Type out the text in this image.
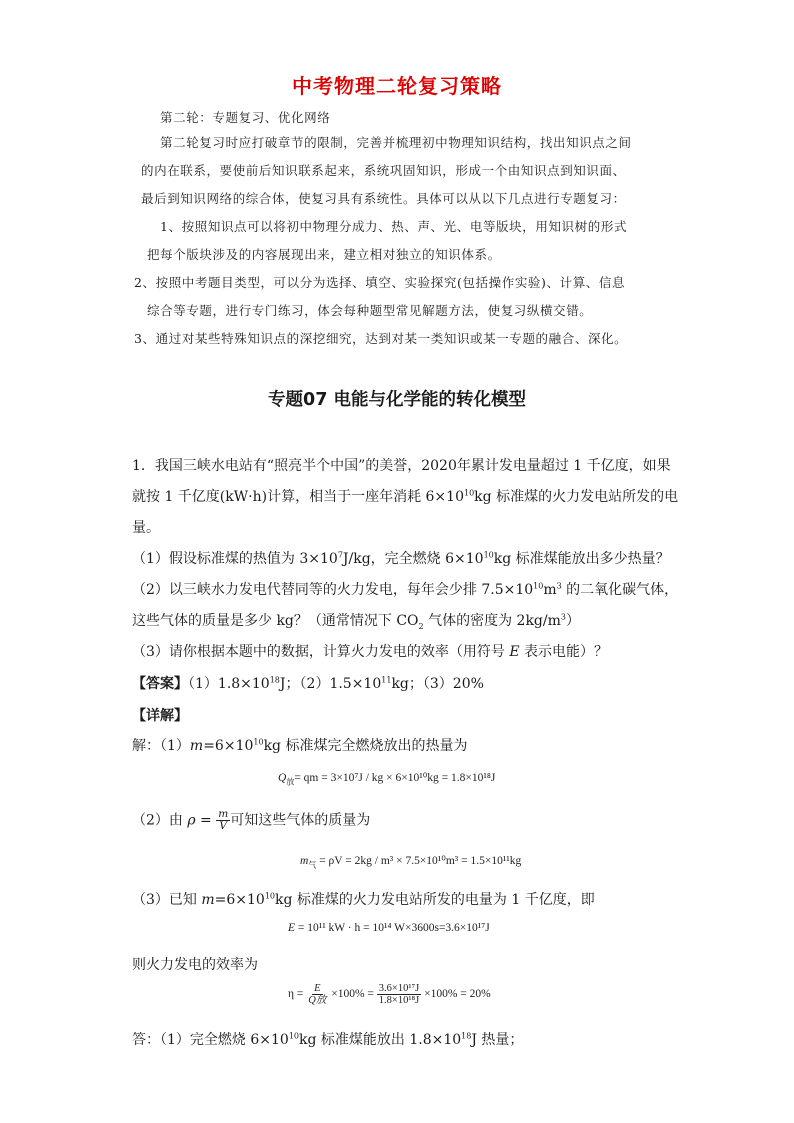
中考物理二轮复习策略
第二轮：专题复习、优化网络
第二轮复习时应打破章节的限制，完善并梳理初中物理知识结构，找出知识点之间
的内在联系，要使前后知识联系起来，系统巩固知识，形成一个由知识点到知识面、
最后到知识网络的综合体，使复习具有系统性。具体可以从以下几点进行专题复习：
1、按照知识点可以将初中物理分成力、热、声、光、电等版块，用知识树的形式
把每个版块涉及的内容展现出来，建立相对独立的知识体系。
2、按照中考题目类型，可以分为选择、填空、实验探究(包括操作实验)、计算、信息
综合等专题，进行专门练习，体会每种题型常见解题方法，使复习纵横交错。
3、通过对某些特殊知识点的深挖细究，达到对某一类知识或某一专题的融合、深化。
专题07 电能与化学能的转化模型
1．我国三峡水电站有“照亮半个中国”的美誉，2020年累计发电量超过 1 千亿度，如果
就按 1 千亿度(kW·h)计算，相当于一座年消耗 $6\times 10^{10}kg$ 标准煤的火力发电站所发的电
量。
（1）假设标准煤的热值为 $3\times 10^7J/kg$，完全燃烧 $6\times 10^{10}kg$ 标准煤能放出多少热量？
（2）以三峡水力发电代替同等的火力发电，每年会少排 $7.5\times 10^{10}m^3$ 的二氧化碳气体，
这些气体的质量是多少 kg？（通常情况下 $CO_2$ 气体的密度为 $2kg/m^3$）
（3）请你根据本题中的数据，计算火力发电的效率（用符号 E 表示电能）？
【答案】$(1)1.8\times 10^{18}J$；$(2)1.5\times 10^{11}kg$；（3）20%
【详解】
解：$(1)m=6\times 10^{10}kg$ 标准煤完全燃烧放出的热量为
$Q_放=$ qm = 3×10⁷J / kg × 6×10¹⁰kg = 1.8×10¹⁸J
（2）由 $\rho = \frac{m}{V}$ 可知这些气体的质量为
$m_气 = \rho V = 2kg / m^3 \times 7.5\times 10^{10}m^3 = 1.5\times 10^{11}kg$
（3）已知 $m=6\times 10^{10}kg$ 标准煤的火力发电站所发的电量为 1 千亿度，即
E = 10¹¹ kW · h = 10¹⁴ W×3600s=3.6×10¹⁷J
则火力发电的效率为
$\eta = \frac{E}{\text{Q放}} \times 100\% = \frac{\text{3.6×10¹⁷J}}{\text{1.8×10¹⁸J}} \times 100\% = 20\%$
答：（1）完全燃烧 $6\times 10^{10}kg$ 标准煤能放出 $1.8\times 10^{18}J$ 热量；
